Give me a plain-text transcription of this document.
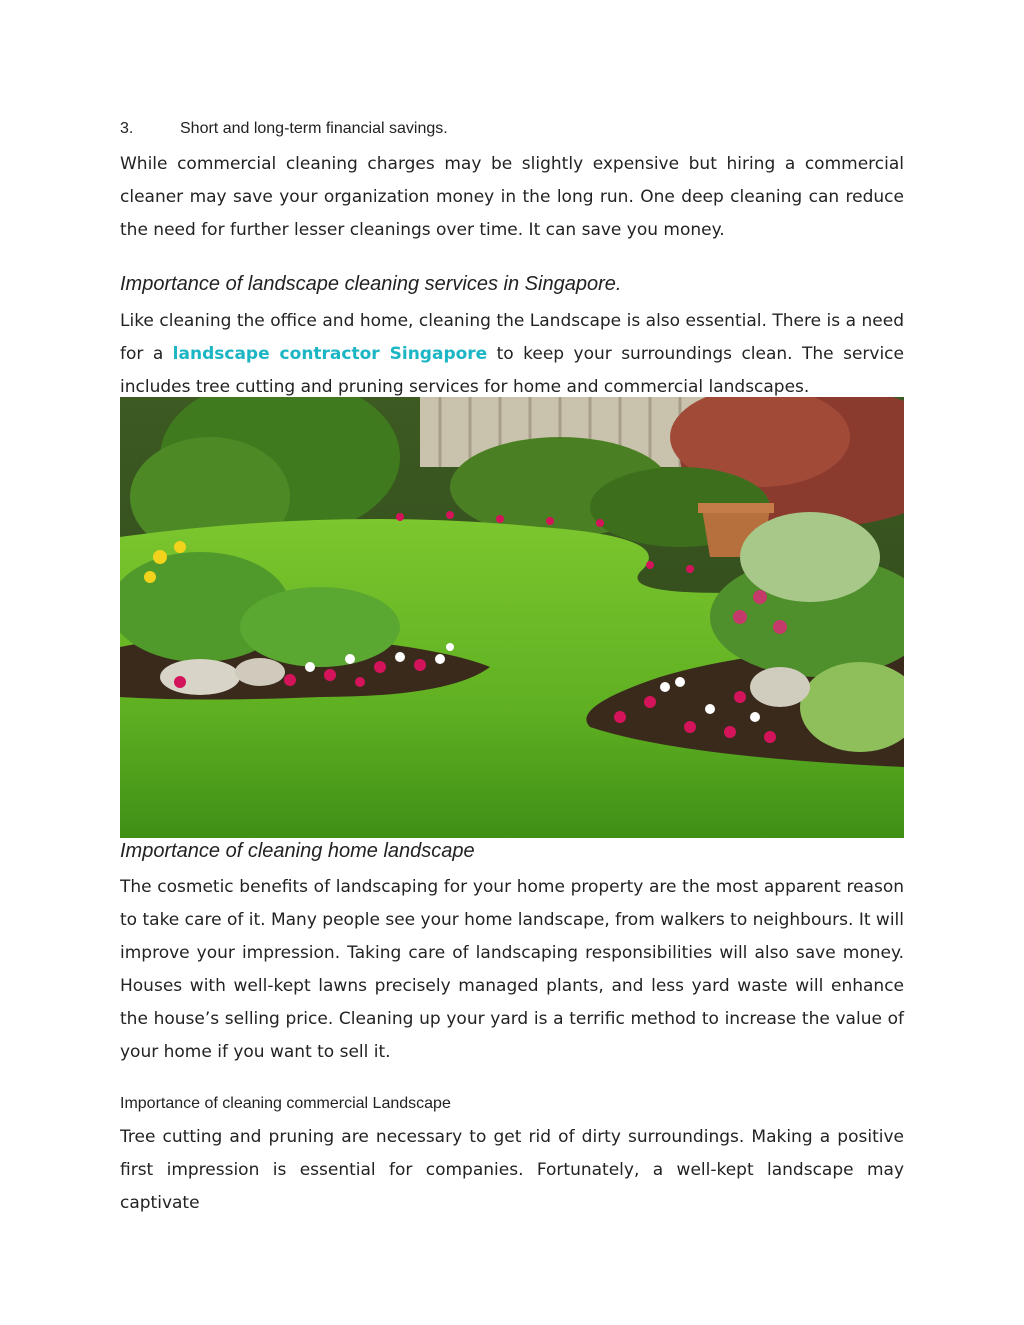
3.	Short and long-term financial savings.

While commercial cleaning charges may be slightly expensive but hiring a commercial cleaner may save your organization money in the long run. One deep cleaning can reduce the need for further lesser cleanings over time. It can save you money.

Importance of landscape cleaning services in Singapore.

Like cleaning the office and home, cleaning the Landscape is also essential. There is a need for a landscape contractor Singapore to keep your surroundings clean. The service includes tree cutting and pruning services for home and commercial landscapes.

Importance of cleaning home landscape

The cosmetic benefits of landscaping for your home property are the most apparent reason to take care of it. Many people see your home landscape, from walkers to neighbours. It will improve your impression. Taking care of landscaping responsibilities will also save money. Houses with well-kept lawns precisely managed plants, and less yard waste will enhance the house’s selling price. Cleaning up your yard is a terrific method to increase the value of your home if you want to sell it.

Importance of cleaning commercial Landscape

Tree cutting and pruning are necessary to get rid of dirty surroundings. Making a positive first impression is essential for companies. Fortunately, a well-kept landscape may captivate
